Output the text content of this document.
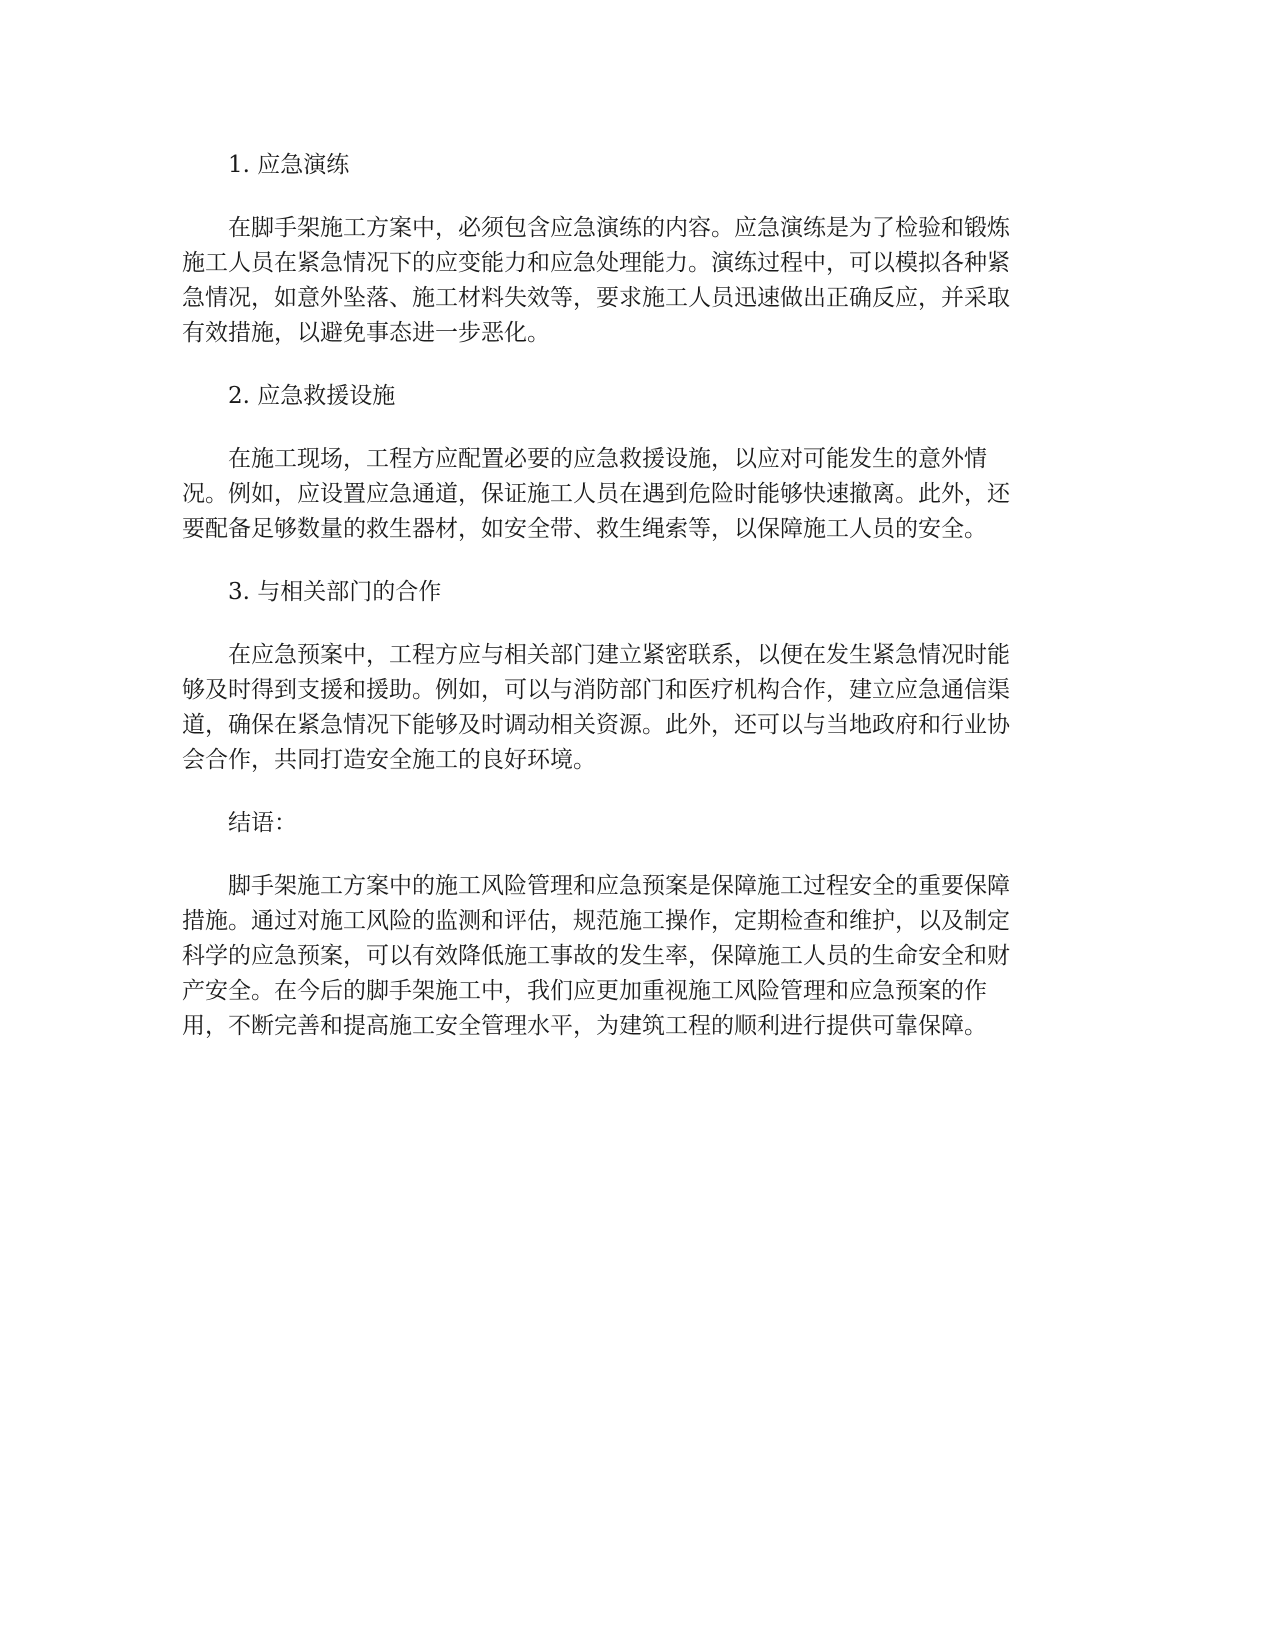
1. 应急演练
在脚手架施工方案中，必须包含应急演练的内容。应急演练是为了检验和锻炼
施工人员在紧急情况下的应变能力和应急处理能力。演练过程中，可以模拟各种紧
急情况，如意外坠落、施工材料失效等，要求施工人员迅速做出正确反应，并采取
有效措施，以避免事态进一步恶化。
2. 应急救援设施
在施工现场，工程方应配置必要的应急救援设施，以应对可能发生的意外情
况。例如，应设置应急通道，保证施工人员在遇到危险时能够快速撤离。此外，还
要配备足够数量的救生器材，如安全带、救生绳索等，以保障施工人员的安全。
3. 与相关部门的合作
在应急预案中，工程方应与相关部门建立紧密联系，以便在发生紧急情况时能
够及时得到支援和援助。例如，可以与消防部门和医疗机构合作，建立应急通信渠
道，确保在紧急情况下能够及时调动相关资源。此外，还可以与当地政府和行业协
会合作，共同打造安全施工的良好环境。
结语：
脚手架施工方案中的施工风险管理和应急预案是保障施工过程安全的重要保障
措施。通过对施工风险的监测和评估，规范施工操作，定期检查和维护，以及制定
科学的应急预案，可以有效降低施工事故的发生率，保障施工人员的生命安全和财
产安全。在今后的脚手架施工中，我们应更加重视施工风险管理和应急预案的作
用，不断完善和提高施工安全管理水平，为建筑工程的顺利进行提供可靠保障。
